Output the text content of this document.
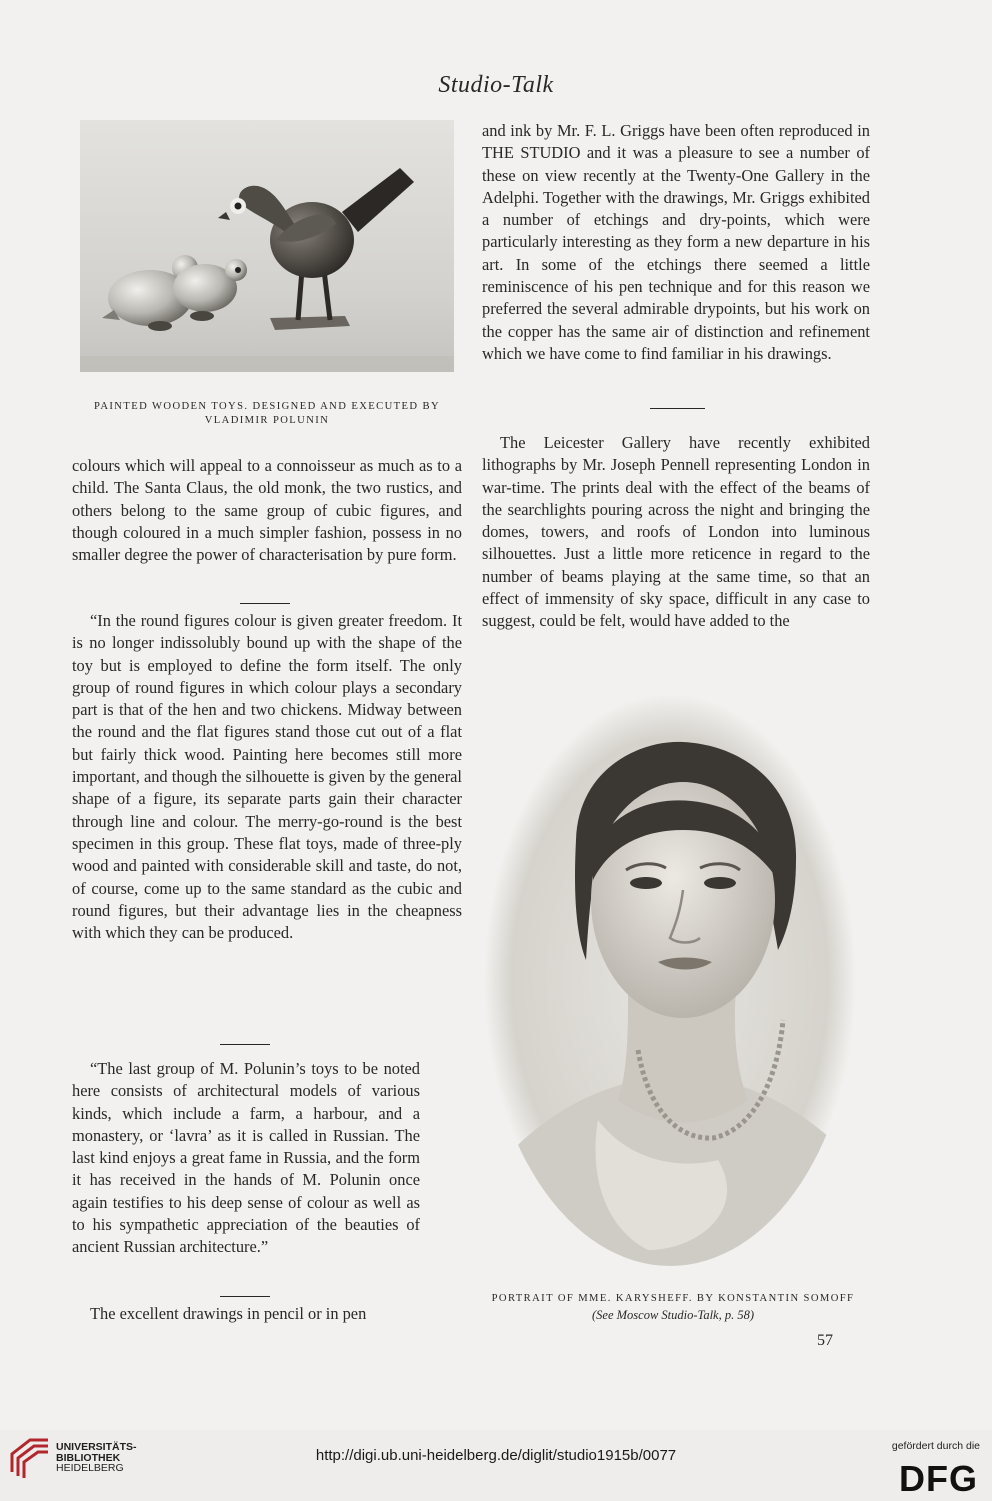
Studio-Talk
PAINTED WOODEN TOYS. DESIGNED AND EXECUTED BY
VLADIMIR POLUNIN

colours which will appeal to a connoisseur as much as to a child. The Santa Claus, the old monk, the two rustics, and others belong to the same group of cubic figures, and though coloured in a much simpler fashion, possess in no smaller degree the power of characterisation by pure form.

“In the round figures colour is given greater freedom. It is no longer indissolubly bound up with the shape of the toy but is employed to define the form itself. The only group of round figures in which colour plays a secondary part is that of the hen and two chickens. Midway between the round and the flat figures stand those cut out of a flat but fairly thick wood. Painting here becomes still more important, and though the silhouette is given by the general shape of a figure, its separate parts gain their character through line and colour. The merry-go-round is the best specimen in this group. These flat toys, made of three-ply wood and painted with considerable skill and taste, do not, of course, come up to the same standard as the cubic and round figures, but their advantage lies in the cheapness with which they can be produced.

“The last group of M. Polunin’s toys to be noted here consists of architectural models of various kinds, which include a farm, a harbour, and a monastery, or ‘lavra’ as it is called in Russian. The last kind enjoys a great fame in Russia, and the form it has received in the hands of M. Polunin once again testifies to his deep sense of colour as well as to his sympathetic appreciation of the beauties of ancient Russian architecture.”

The excellent drawings in pencil or in pen

and ink by Mr. F. L. Griggs have been often reproduced in THE STUDIO and it was a pleasure to see a number of these on view recently at the Twenty-One Gallery in the Adelphi. Together with the drawings, Mr. Griggs exhibited a number of etchings and dry-points, which were particularly interesting as they form a new departure in his art. In some of the etchings there seemed a little reminiscence of his pen technique and for this reason we preferred the several admirable drypoints, but his work on the copper has the same air of distinction and refinement which we have come to find familiar in his drawings.

The Leicester Gallery have recently exhibited lithographs by Mr. Joseph Pennell representing London in war-time. The prints deal with the effect of the beams of the searchlights pouring across the night and bringing the domes, towers, and roofs of London into luminous silhouettes. Just a little more reticence in regard to the number of beams playing at the same time, so that an effect of immensity of sky space, difficult in any case to suggest, could be felt, would have added to the

PORTRAIT OF MME. KARYSHEFF. BY KONSTANTIN SOMOFF
(See Moscow Studio-Talk, p. 58)
57
UNIVERSITÄTS-
BIBLIOTHEK
HEIDELBERG
http://digi.ub.uni-heidelberg.de/diglit/studio1915b/0077
gefördert durch die
DFG
